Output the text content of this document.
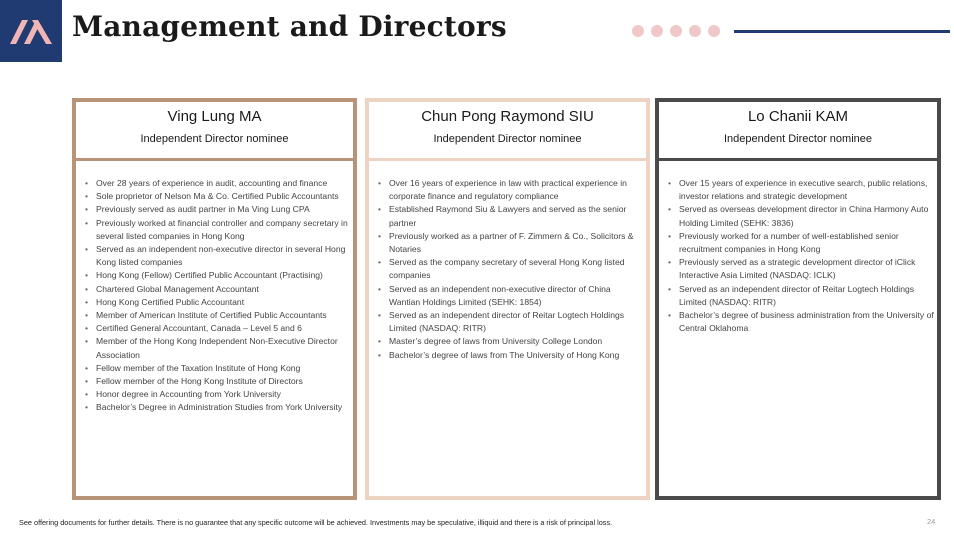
Management and Directors
Ving Lung MA
Independent Director nominee
• Over 28 years of experience in audit, accounting and finance
• Sole proprietor of Nelson Ma & Co. Certified Public Accountants
• Previously served as audit partner in Ma Ving Lung CPA
• Previously worked at financial controller and company secretary in several listed companies in Hong Kong
• Served as an independent non-executive director in several Hong Kong listed companies
• Hong Kong (Fellow) Certified Public Accountant (Practising)
• Chartered Global Management Accountant
• Hong Kong Certified Public Accountant
• Member of American Institute of Certified Public Accountants
• Certified General Accountant, Canada – Level 5 and 6
• Member of the Hong Kong Independent Non-Executive Director Association
• Fellow member of the Taxation Institute of Hong Kong
• Fellow member of the Hong Kong Institute of Directors
• Honor degree in Accounting from York University
• Bachelor’s Degree in Administration Studies from York University
Chun Pong Raymond SIU
Independent Director nominee
• Over 16 years of experience in law with practical experience in corporate finance and regulatory compliance
• Established Raymond Siu & Lawyers and served as the senior partner
• Previously worked as a partner of F. Zimmern & Co., Solicitors & Notaries
• Served as the company secretary of several Hong Kong listed companies
• Served as an independent non-executive director of China Wantian Holdings Limited (SEHK: 1854)
• Served as an independent director of Reitar Logtech Holdings Limited (NASDAQ: RITR)
• Master’s degree of laws from University College London
• Bachelor’s degree of laws from The University of Hong Kong
Lo Chanii KAM
Independent Director nominee
• Over 15 years of experience in executive search, public relations, investor relations and strategic development
• Served as overseas development director in China Harmony Auto Holding Limited (SEHK: 3836)
• Previously worked for a number of well-established senior recruitment companies in Hong Kong
• Previously served as a strategic development director of iClick Interactive Asia Limited (NASDAQ: ICLK)
• Served as an independent director of Reitar Logtech Holdings Limited (NASDAQ: RITR)
• Bachelor’s degree of business administration from the University of Central Oklahoma
See offering documents for further details. There is no guarantee that any specific outcome will be achieved. Investments may be speculative, illiquid and there is a risk of principal loss.	24
